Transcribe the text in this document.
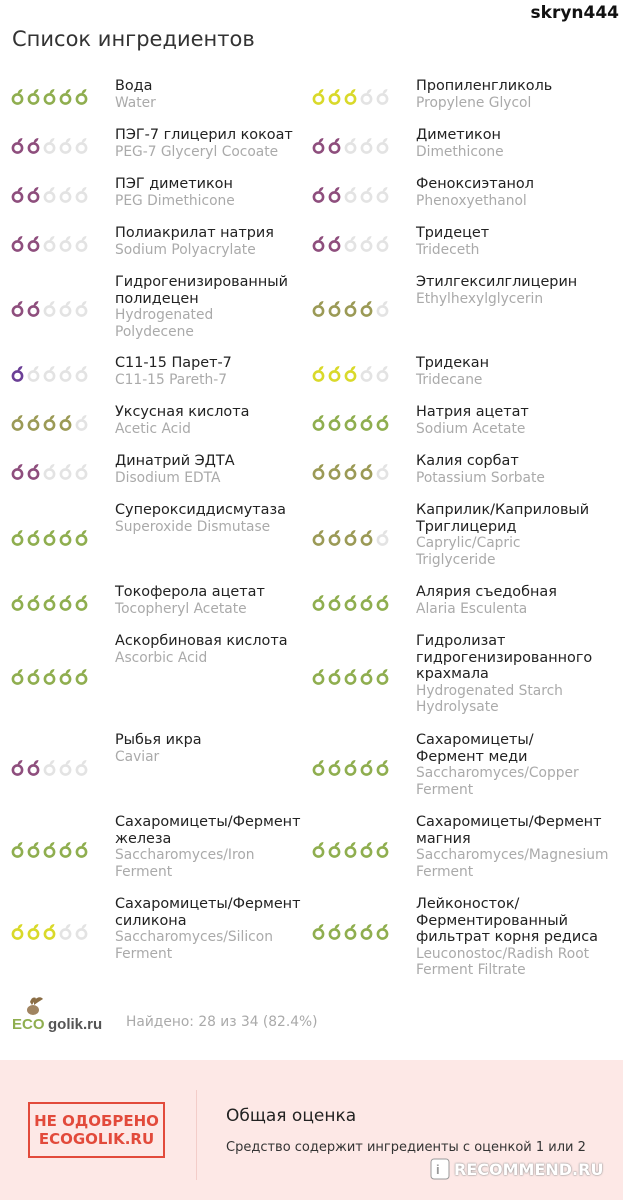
skryn444
Список ингредиентов
Вода
Water
Пропиленгликоль
Propylene Glycol
ПЭГ-7 глицерил кокоат
PEG-7 Glyceryl Cocoate
Диметикон
Dimethicone
ПЭГ диметикон
PEG Dimethicone
Феноксиэтанол
Phenoxyethanol
Полиакрилат натрия
Sodium Polyacrylate
Тридецет
Trideceth
Гидрогенизированный полидецен
Hydrogenated Polydecene
Этилгексилглицерин
Ethylhexylglycerin
С11-15 Парет-7
C11-15 Pareth-7
Тридекан
Tridecane
Уксусная кислота
Acetic Acid
Натрия ацетат
Sodium Acetate
Динатрий ЭДТА
Disodium EDTA
Калия сорбат
Potassium Sorbate
Супероксиддисмутаза
Superoxide Dismutase
Каприлик/Каприловый Триглицерид
Caprylic/Capric Triglyceride
Токоферола ацетат
Tocopheryl Acetate
Алярия съедобная
Alaria Esculenta
Аскорбиновая кислота
Ascorbic Acid
Гидролизат гидрогенизированного крахмала
Hydrogenated Starch Hydrolysate
Рыбья икра
Caviar
Сахаромицеты/Фермент меди
Saccharomyces/Copper Ferment
Сахаромицеты/Фермент железа
Saccharomyces/Iron Ferment
Сахаромицеты/Фермент магния
Saccharomyces/Magnesium Ferment
Сахаромицеты/Фермент силикона
Saccharomyces/Silicon Ferment
Лейконосток/ Ферментированный фильтрат корня редиса
Leuconostoc/Radish Root Ferment Filtrate
ECO golik.ru Найдено: 28 из 34 (82.4%)
НЕ ОДОБРЕНО
ECOGOLIK.RU
Общая оценка
Средство содержит ингредиенты с оценкой 1 или 2
i RECOMMEND.RU
